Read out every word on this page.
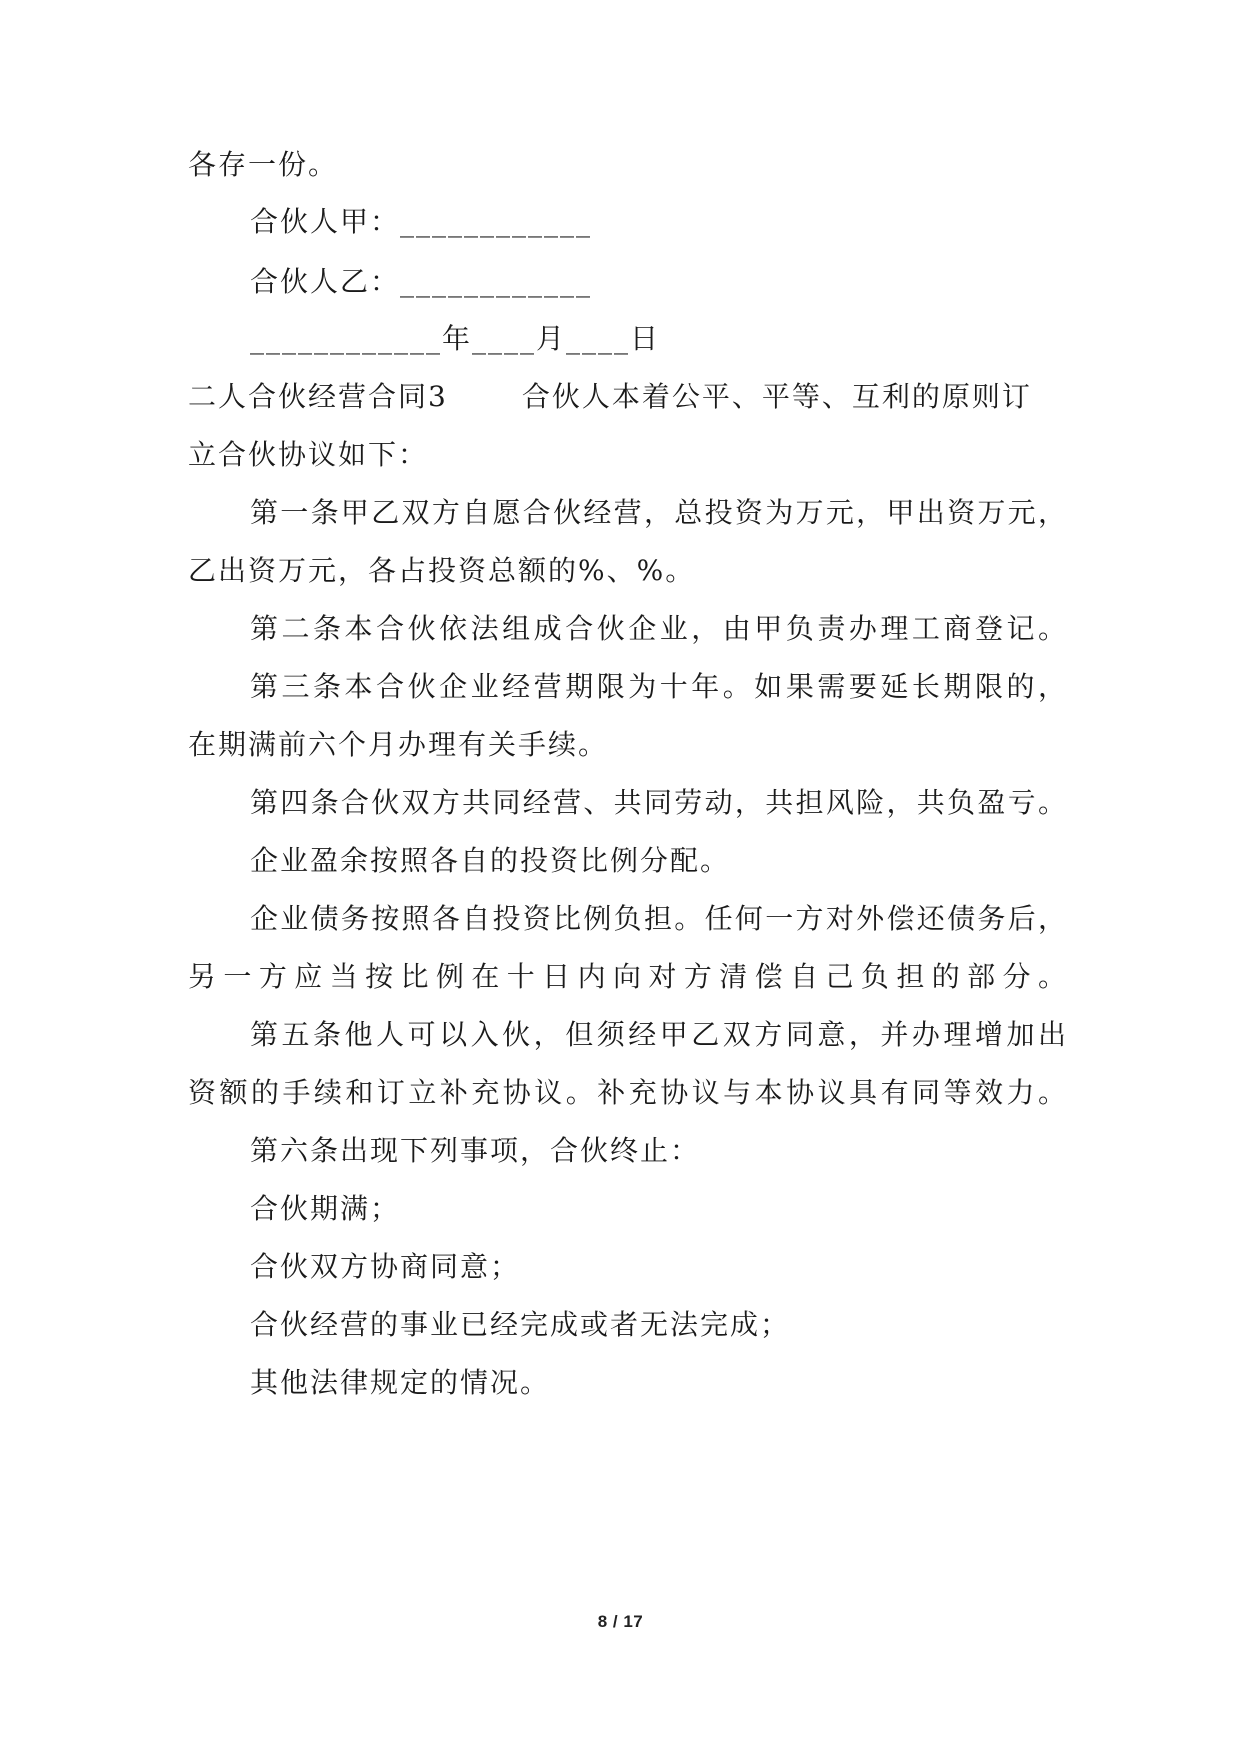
各存一份。
合伙人甲：____________
合伙人乙：____________
____________年____月____日
二人合伙经营合同3	合伙人本着公平、平等、互利的原则订
立合伙协议如下：
第一条甲乙双方自愿合伙经营，总投资为万元，甲出资万元，
乙出资万元，各占投资总额的%、%。
第二条本合伙依法组成合伙企业，由甲负责办理工商登记。
第三条本合伙企业经营期限为十年。如果需要延长期限的，
在期满前六个月办理有关手续。
第四条合伙双方共同经营、共同劳动，共担风险，共负盈亏。
企业盈余按照各自的投资比例分配。
企业债务按照各自投资比例负担。任何一方对外偿还债务后，
另一方应当按比例在十日内向对方清偿自己负担的部分。
第五条他人可以入伙，但须经甲乙双方同意，并办理增加出
资额的手续和订立补充协议。补充协议与本协议具有同等效力。
第六条出现下列事项，合伙终止：
合伙期满；
合伙双方协商同意；
合伙经营的事业已经完成或者无法完成；
其他法律规定的情况。
8 / 17
